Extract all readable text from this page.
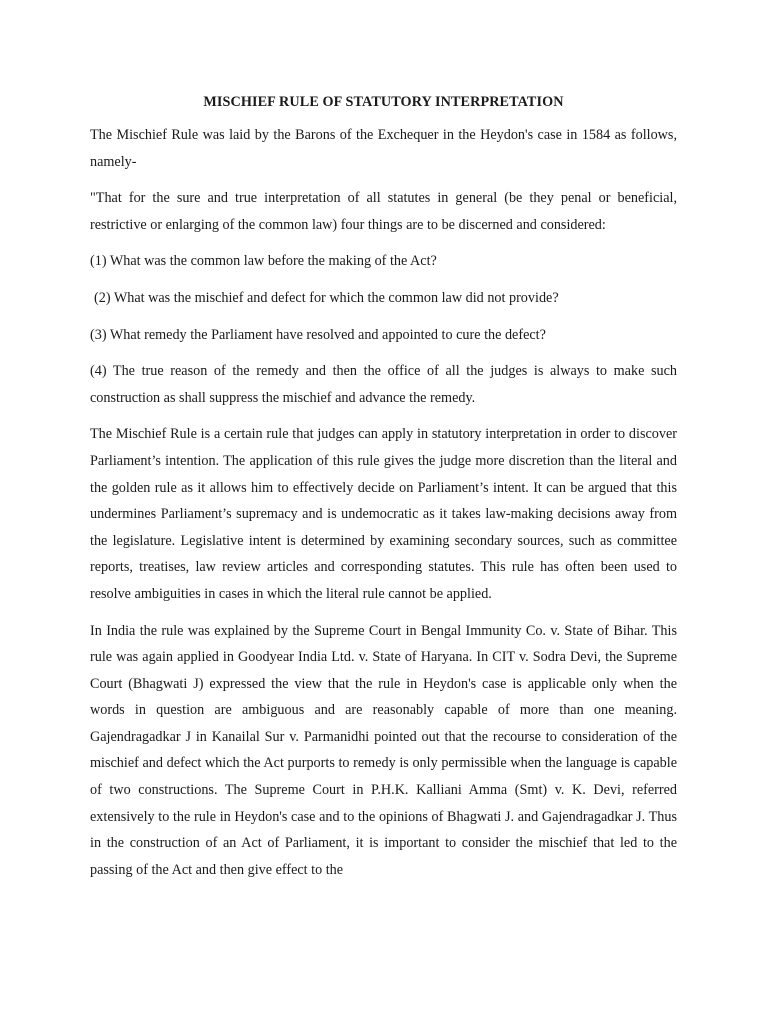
MISCHIEF RULE OF STATUTORY INTERPRETATION

The Mischief Rule was laid by the Barons of the Exchequer in the Heydon's case in 1584 as follows, namely-

"That for the sure and true interpretation of all statutes in general (be they penal or beneficial, restrictive or enlarging of the common law) four things are to be discerned and considered:

(1) What was the common law before the making of the Act?

(2) What was the mischief and defect for which the common law did not provide?

(3) What remedy the Parliament have resolved and appointed to cure the defect?

(4) The true reason of the remedy and then the office of all the judges is always to make such construction as shall suppress the mischief and advance the remedy.

The Mischief Rule is a certain rule that judges can apply in statutory interpretation in order to discover Parliament’s intention. The application of this rule gives the judge more discretion than the literal and the golden rule as it allows him to effectively decide on Parliament’s intent. It can be argued that this undermines Parliament’s supremacy and is undemocratic as it takes law-making decisions away from the legislature. Legislative intent is determined by examining secondary sources, such as committee reports, treatises, law review articles and corresponding statutes. This rule has often been used to resolve ambiguities in cases in which the literal rule cannot be applied.

In India the rule was explained by the Supreme Court in Bengal Immunity Co. v. State of Bihar. This rule was again applied in Goodyear India Ltd. v. State of Haryana. In CIT v. Sodra Devi, the Supreme Court (Bhagwati J) expressed the view that the rule in Heydon's case is applicable only when the words in question are ambiguous and are reasonably capable of more than one meaning. Gajendragadkar J in Kanailal Sur v. Parmanidhi pointed out that the recourse to consideration of the mischief and defect which the Act purports to remedy is only permissible when the language is capable of two constructions. The Supreme Court in P.H.K. Kalliani Amma (Smt) v. K. Devi, referred extensively to the rule in Heydon's case and to the opinions of Bhagwati J. and Gajendragadkar J. Thus in the construction of an Act of Parliament, it is important to consider the mischief that led to the passing of the Act and then give effect to the
